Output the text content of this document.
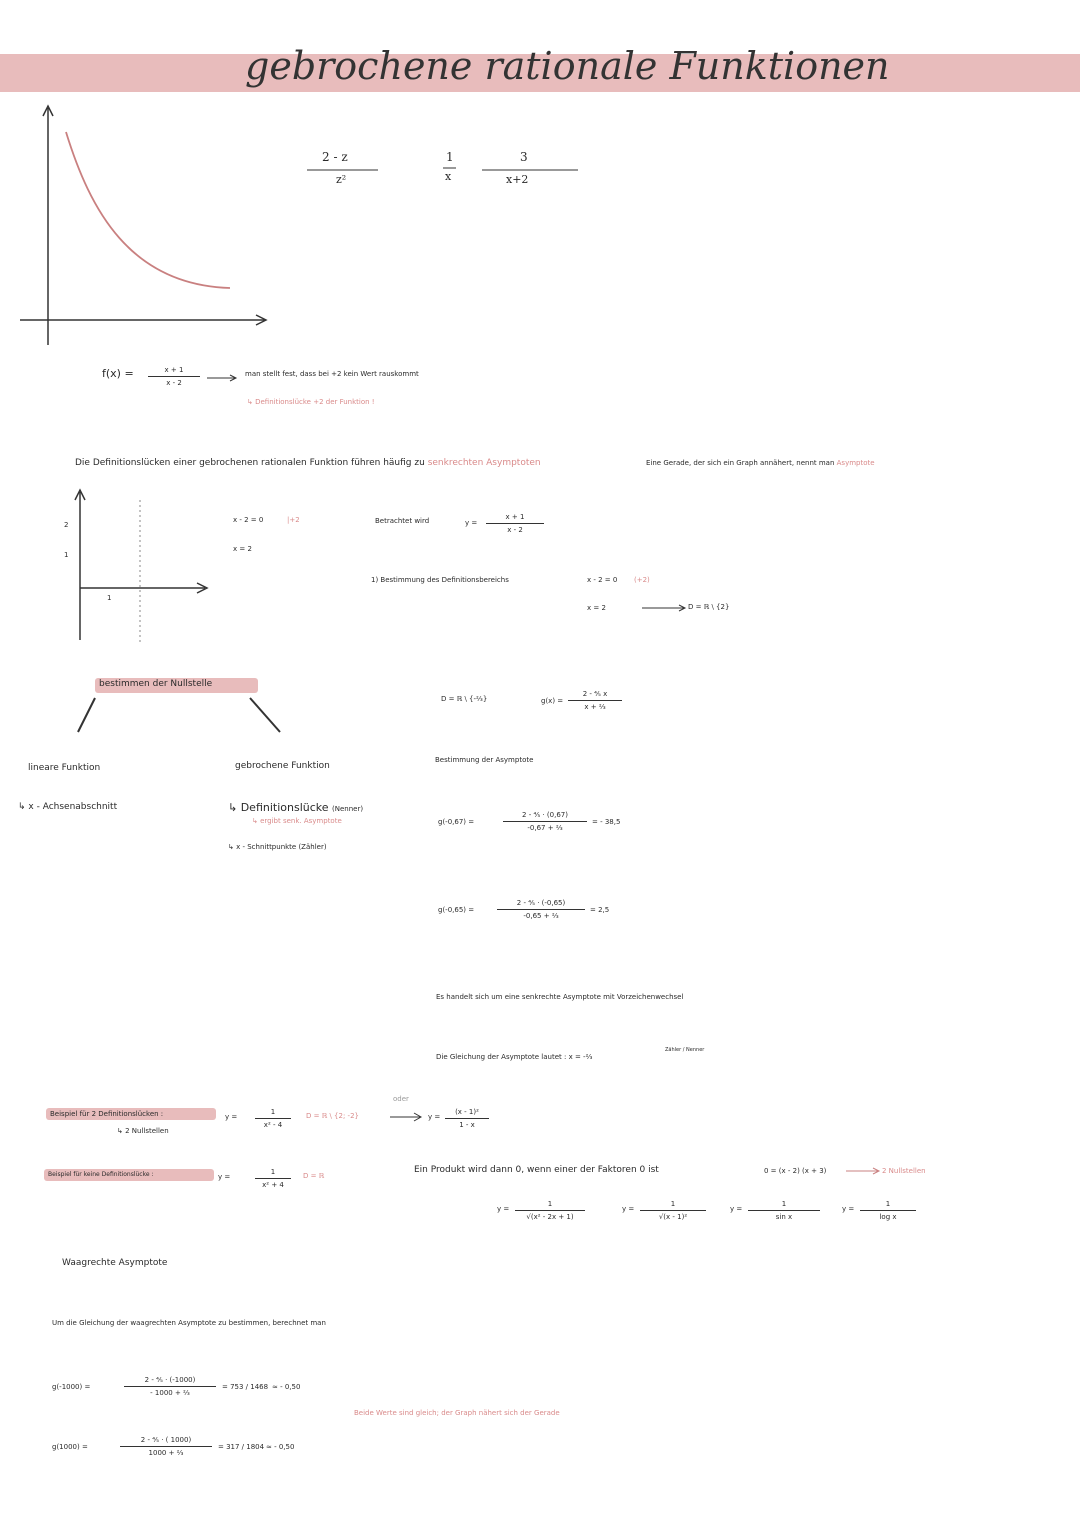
gebrochene rationale Funktionen
2 - z
z²
1
x
3
x+2
f(x) =	x + 1
x - 2
man stellt fest, dass bei +2 kein Wert rauskommt
↳ Definitionslücke +2 der Funktion !
Die Definitionslücken einer gebrochenen rationalen Funktion führen häufig zu senkrechten Asymptoten	Eine Gerade, der sich ein Graph annähert, nennt man Asymptote
2
1
1
x - 2 = 0	|+2
x = 2
Betrachtet wird	y =
x + 1
x - 2
1) Bestimmung des Definitionsbereichs	x - 2 = 0 (+2)
x = 2	D = ℝ \ {2}
bestimmen der Nullstelle
lineare Funktion
↳ x - Achsenabschnitt
gebrochene Funktion
↳ Definitionslücke (Nenner)
↳ ergibt senk. Asymptote
↳ x - Schnittpunkte (Zähler)
D = ℝ \ {-⅔}	g(x) =
2 - ⅘ x
x + ⅔
Bestimmung der Asymptote
g(-0,67) =
2 - ⅘ · (0,67)
-0,67 + ⅔
= - 38,5
g(-0,65) =
2 - ⅘ · (-0,65)
-0,65 + ⅔
= 2,5
Es handelt sich um eine senkrechte Asymptote mit Vorzeichenwechsel
Die Gleichung der Asymptote lautet : x = -⅔
Zähler / Nenner
oder
Beispiel für 2 Definitionslücken :
↳ 2 Nullstellen
y =
1
x² - 4
D = ℝ \ {2; -2}	y =
(x - 1)²
1 - x
Beispiel für keine Definitionslücke :	y =
1
x² + 4
D = ℝ
Ein Produkt wird dann 0, wenn einer der Faktoren 0 ist	0 = (x - 2) (x + 3)	2 Nullstellen
y =
1
√(x² - 2x + 1)
y =
1
√(x - 1)²
y =
1
sin x
y =
1
log x
Waagrechte Asymptote
Um die Gleichung der waagrechten Asymptote zu bestimmen, berechnet man
g(-1000) =
2 - ⅘ · (-1000)
- 1000 + ⅔
= 753 / 1468 ≈ - 0,50
g(1000) =
2 - ⅘ · ( 1000)
1000 + ⅔
= 317 / 1804 ≈ - 0,50
Beide Werte sind gleich; der Graph nähert sich der Gerade
